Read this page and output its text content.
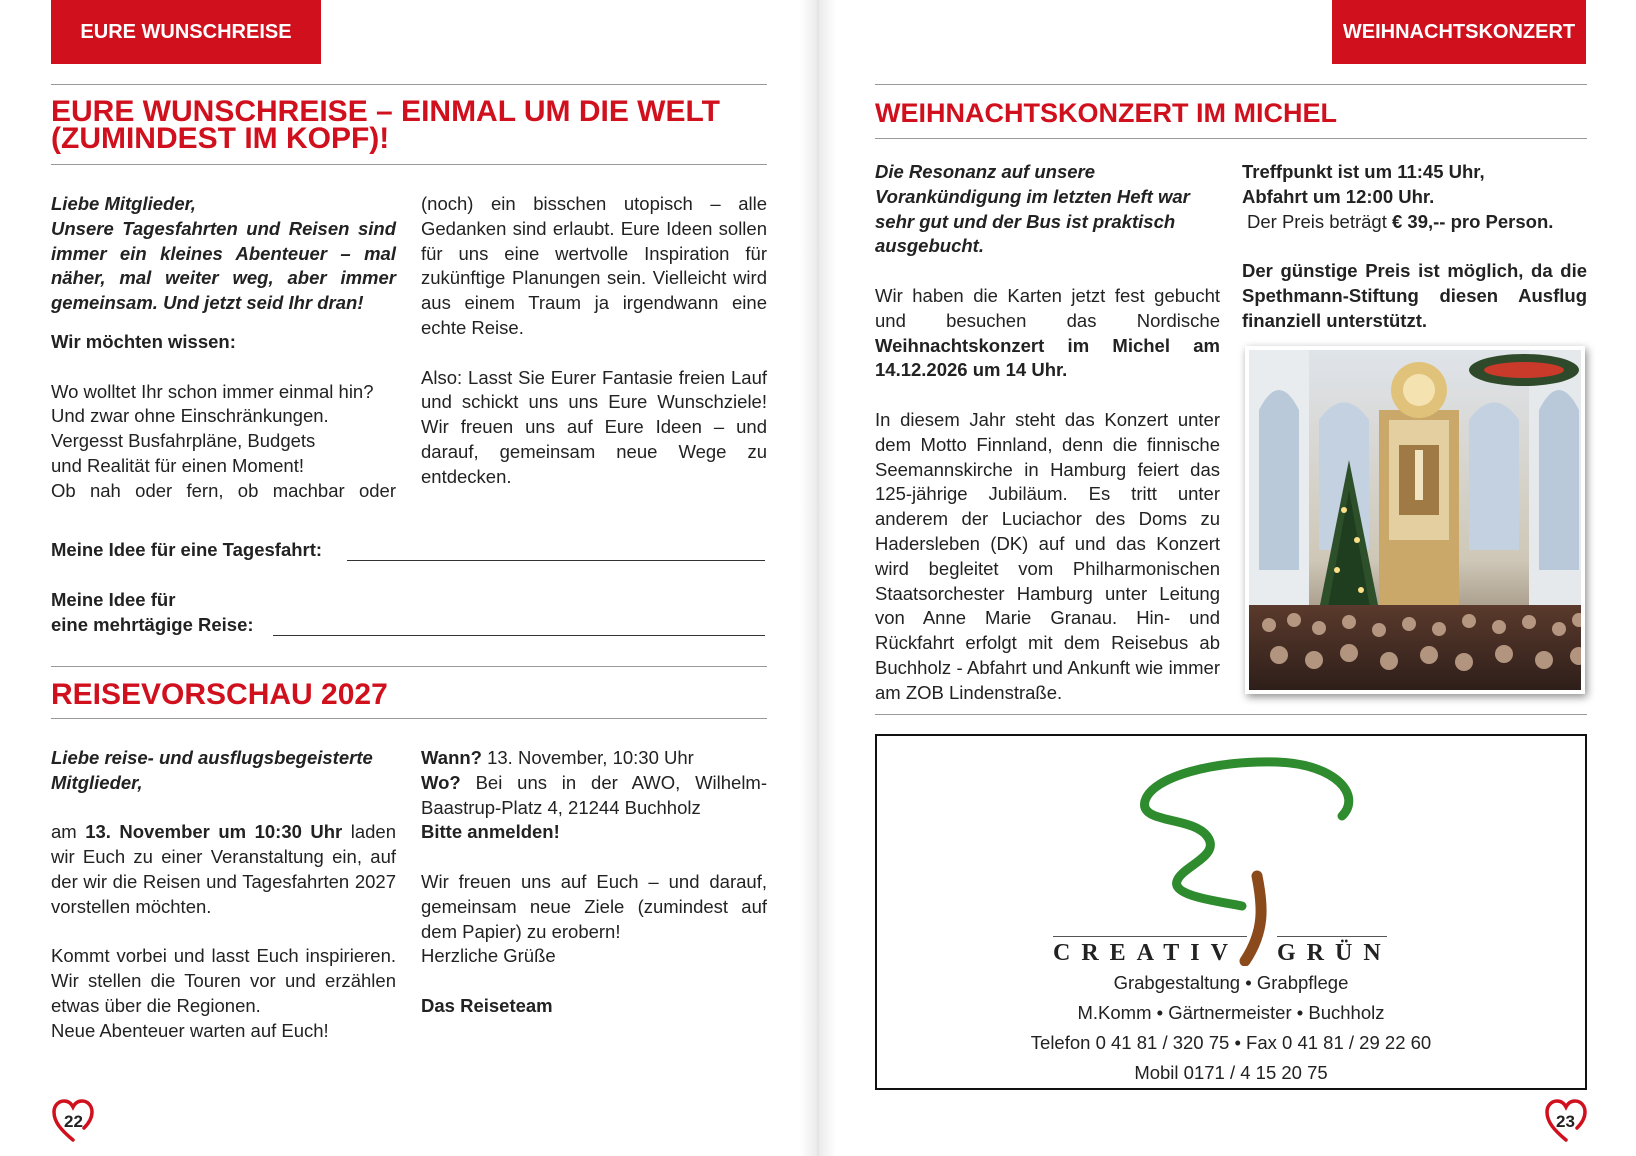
EURE WUNSCHREISE
EURE WUNSCHREISE – EINMAL UM DIE WELT
(ZUMINDEST IM KOPF)!

Liebe Mitglieder,

Unsere Tagesfahrten und Reisen sind immer ein kleines Abenteuer – mal näher, mal weiter weg, aber immer gemeinsam. Und jetzt seid Ihr dran!

Wir möchten wissen:

Wo wolltet Ihr schon immer einmal hin?

Und zwar ohne Einschränkungen.

Vergesst Busfahrpläne, Budgets

und Realität für einen Moment!

Ob nah oder fern, ob machbar oder

(noch) ein bisschen utopisch – alle Gedanken sind erlaubt. Eure Ideen sollen für uns eine wertvolle Inspiration für zukünftige Planungen sein. Vielleicht wird aus einem Traum ja irgendwann eine echte Reise.

Also: Lasst Sie Eurer Fantasie freien Lauf und schickt uns uns Eure Wunschziele! Wir freuen uns auf Eure Ideen – und darauf, gemeinsam neue Wege zu entdecken.

Meine Idee für eine Tagesfahrt:
Meine Idee für
eine mehrtägige Reise:
REISEVORSCHAU 2027

Liebe reise- und ausflugsbegeisterte Mitglieder,

am 13. November um 10:30 Uhr laden wir Euch zu einer Veranstaltung ein, auf der wir die Reisen und Tagesfahrten 2027 vorstellen möchten.

Kommt vorbei und lasst Euch inspirieren. Wir stellen die Touren vor und erzählen etwas über die Regionen.

Neue Abenteuer warten auf Euch!

Wann? 13. November, 10:30 Uhr

Wo? Bei uns in der AWO, Wilhelm-Baastrup-Platz 4, 21244 Buchholz

Bitte anmelden!

Wir freuen uns auf Euch – und darauf, gemeinsam neue Ziele (zumindest auf dem Papier) zu erobern!

Herzliche Grüße

Das Reiseteam

22
WEIHNACHTSKONZERT
WEIHNACHTSKONZERT IM MICHEL

Die Resonanz auf unsere Vorankündigung im letzten Heft war sehr gut und der Bus ist praktisch ausgebucht.

Wir haben die Karten jetzt fest gebucht und besuchen das Nordische Weihnachtskonzert im Michel am 14.12.2026 um 14 Uhr.

In diesem Jahr steht das Konzert unter dem Motto Finnland, denn die finnische Seemannskirche in Hamburg feiert das 125-jährige Jubiläum. Es tritt unter anderem der Luciachor des Doms zu Hadersleben (DK) auf und das Konzert wird begleitet vom Philharmonischen Staatsorchester Hamburg unter Leitung von Anne Marie Granau. Hin- und Rückfahrt erfolgt mit dem Reisebus ab Buchholz - Abfahrt und Ankunft wie immer am ZOB Lindenstraße.

Treffpunkt ist um 11:45 Uhr,

Abfahrt um 12:00 Uhr.

Der Preis beträgt € 39,-- pro Person.

Der günstige Preis ist möglich, da die Spethmann-Stiftung diesen Ausflug finanziell unterstützt.

CREATIV GRÜN
Grabgestaltung • Grabpflege
M.Komm • Gärtnermeister • Buchholz
Telefon 0 41 81 / 320 75 • Fax 0 41 81 / 29 22 60
Mobil 0171 / 4 15 20 75
23
